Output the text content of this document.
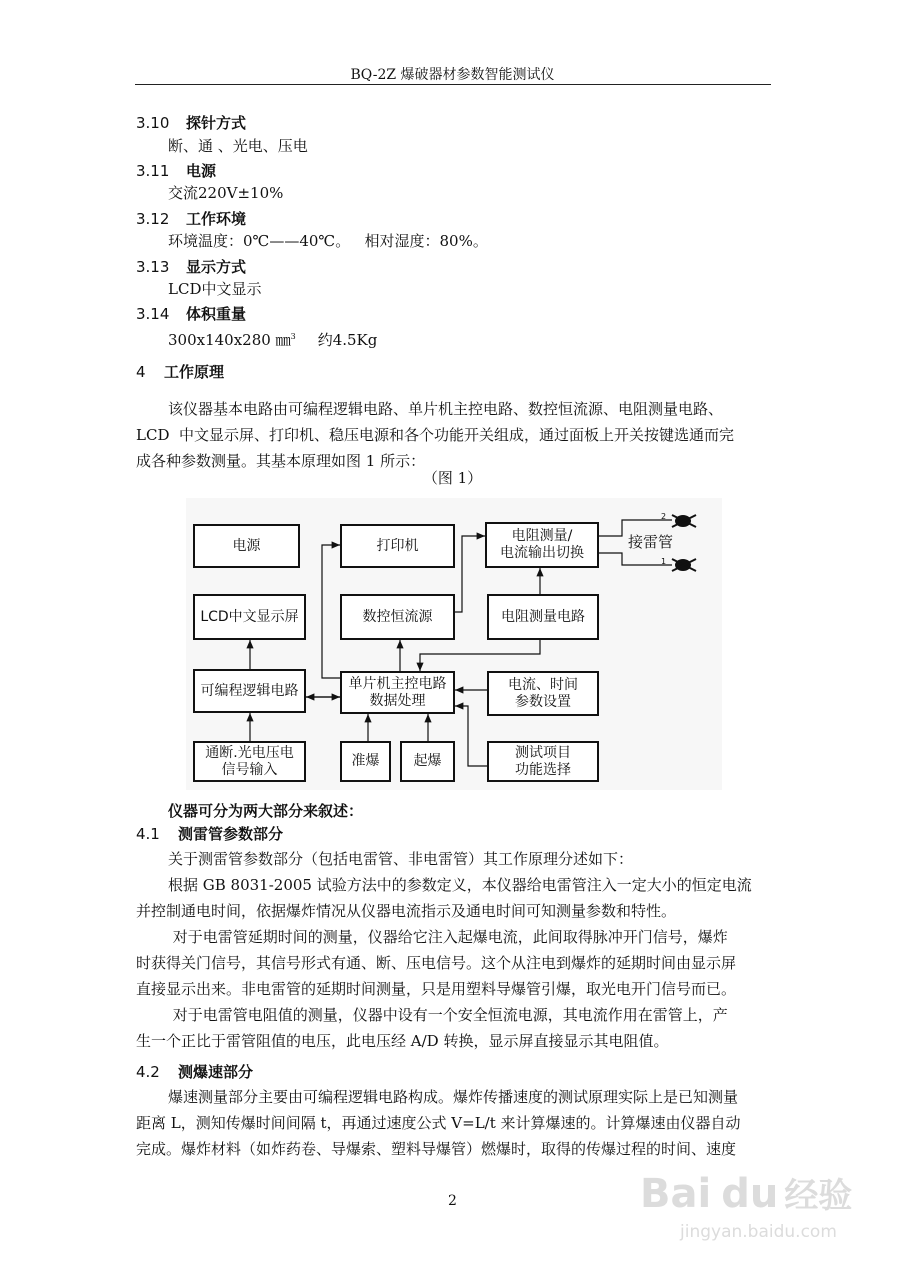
BQ-2Z 爆破器材参数智能测试仪
3.10 探针方式
断、通 、光电、压电
3.11 电源
交流220V±10%
3.12 工作环境
环境温度：0℃——40℃。   相对湿度：80%。
3.13 显示方式
LCD中文显示
3.14 体积重量
300x140x280 ㎜$^3$ 约4.5Kg
4 工作原理
该仪器基本电路由可编程逻辑电路、单片机主控电路、数控恒流源、电阻测量电路、
LCD  中文显示屏、打印机、稳压电源和各个功能开关组成，通过面板上开关按键选通而完
成各种参数测量。其基本原理如图 1 所示：
（图 1）
2
1
电源	打印机
电阻测量/
电流输出切换
接雷管
LCD中文显示屏	数控恒流源	电阻测量电路
可编程逻辑电路	单片机主控电路
数据处理
电流、时间
参数设置
通断.光电压电
信号输入
准爆 起爆
测试项目
功能选择
仪器可分为两大部分来叙述：
4.1 测雷管参数部分
关于测雷管参数部分（包括电雷管、非电雷管）其工作原理分述如下：
根据 GB 8031-2005 试验方法中的参数定义，本仪器给电雷管注入一定大小的恒定电流
并控制通电时间，依据爆炸情况从仪器电流指示及通电时间可知测量参数和特性。
对于电雷管延期时间的测量，仪器给它注入起爆电流，此间取得脉冲开门信号，爆炸
时获得关门信号，其信号形式有通、断、压电信号。这个从注电到爆炸的延期时间由显示屏
直接显示出来。非电雷管的延期时间测量，只是用塑料导爆管引爆，取光电开门信号而已。
对于电雷管电阻值的测量，仪器中设有一个安全恒流电源，其电流作用在雷管上，产
生一个正比于雷管阻值的电压，此电压经 A/D 转换，显示屏直接显示其电阻值。
4.2 测爆速部分
爆速测量部分主要由可编程逻辑电路构成。爆炸传播速度的测试原理实际上是已知测量
距离 L，测知传爆时间间隔 t，再通过速度公式 V=L/t 来计算爆速的。计算爆速由仪器自动
完成。爆炸材料（如炸药卷、导爆索、塑料导爆管）燃爆时，取得的传爆过程的时间、速度
2	Bai du 经验
jingyan.baidu.com
